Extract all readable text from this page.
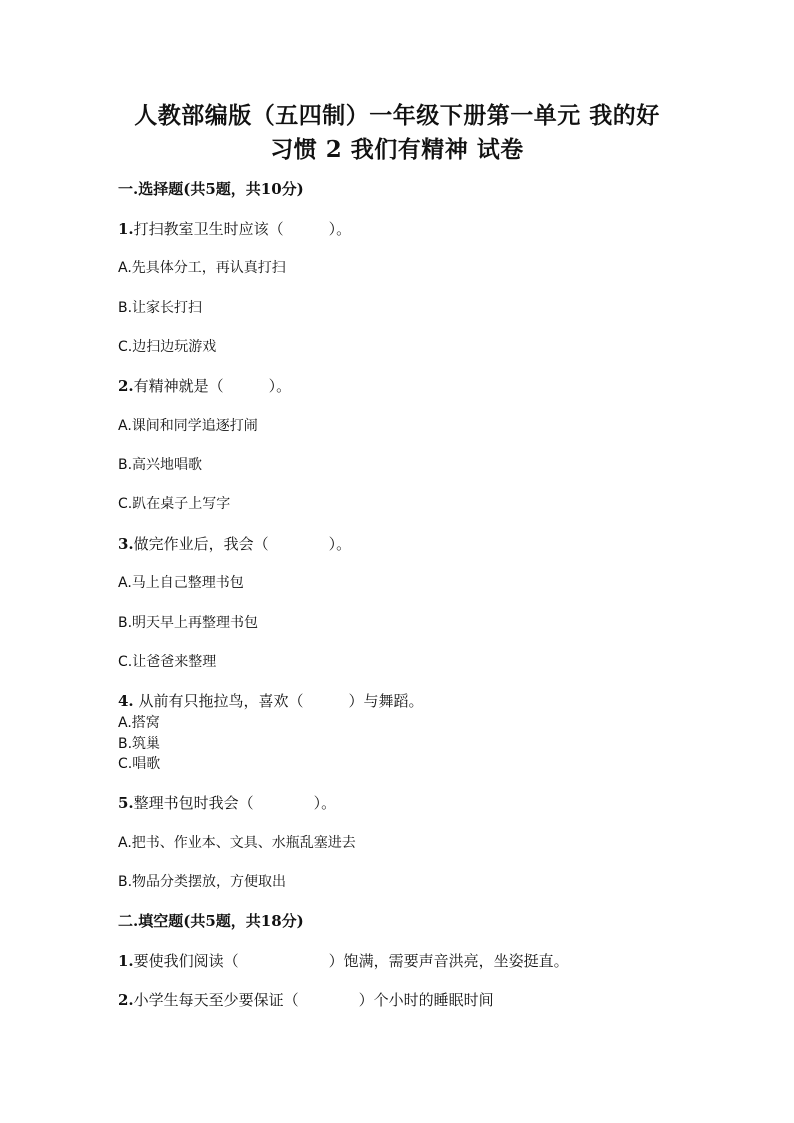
人教部编版（五四制）一年级下册第一单元 我的好
习惯 2 我们有精神 试卷
一.选择题(共5题，共10分)
1.打扫教室卫生时应该（　　　）。
A.先具体分工，再认真打扫
B.让家长打扫
C.边扫边玩游戏
2.有精神就是（　　　）。
A.课间和同学追逐打闹
B.高兴地唱歌
C.趴在桌子上写字
3.做完作业后，我会（　　　　）。
A.马上自己整理书包
B.明天早上再整理书包
C.让爸爸来整理
4. 从前有只拖拉鸟，喜欢（　　　）与舞蹈。
A.搭窝
B.筑巢
C.唱歌
5.整理书包时我会（　　　　）。
A.把书、作业本、文具、水瓶乱塞进去
B.物品分类摆放，方便取出
二.填空题(共5题，共18分)
1.要使我们阅读（　　　　　　）饱满，需要声音洪亮，坐姿挺直。
2.小学生每天至少要保证（　　　　）个小时的睡眠时间
